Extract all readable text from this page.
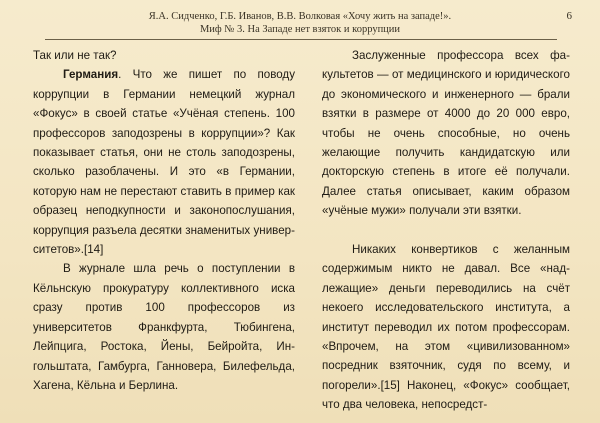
Я.А. Сидченко, Г.Б. Иванов, В.В. Волковая «Хочу жить на западе!».
Миф № 3. На Западе нет взяток и коррупции
6

Так или не так?

Германия. Что же пишет по поводу коррупции в Германии немецкий журнал «Фокус» в своей статье «Учёная степень. 100 профессоров заподозрены в коррупции»? Как показывает статья, они не столь заподозрены, сколько разоблачены. И это «в Германии, которую нам не перестают ставить в пример как образец неподкупности и законопослушания, коррупция разъела десятки знаменитых университетов».[14]

В журнале шла речь о поступлении в Кёльнскую прокуратуру коллективного иска сразу против 100 профессоров из университетов Франкфурта, Тюбингена, Лейпцига, Ростока, Йены, Бейройта, Ингольштата, Гамбурга, Ганновера, Билефельда, Хагена, Кёльна и Берлина.

Заслуженные профессора всех факультетов — от медицинского и юридического до экономического и инженерного — брали взятки в размере от 4000 до 20 000 евро, чтобы не очень способные, но очень желающие получить кандидатскую или докторскую степень в итоге её получали. Далее статья описывает, каким образом «учёные мужи» получали эти взятки.

Никаких конвертиков с желанным содержимым никто не давал. Все «надлежащие» деньги переводились на счёт некоего исследовательского института, а институт переводил их потом профессорам. «Впрочем, на этом «цивилизованном» посредник взяточник, судя по всему, и погорели».[15] Наконец, «Фокус» сообщает, что два человека, непосредст-
